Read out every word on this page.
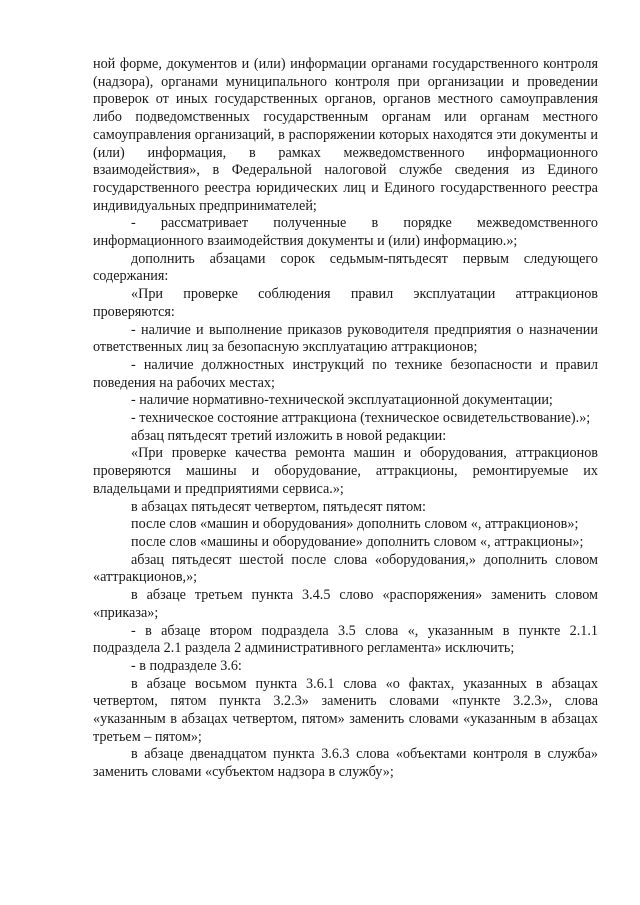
ной форме, документов и (или) информации органами государственного контроля (надзора), органами муниципального контроля при организации и проведении проверок от иных государственных органов, органов местного самоуправления либо подведомственных государственным органам или органам местного самоуправления организаций, в распоряжении которых находятся эти документы и (или) информация, в рамках межведомственного информационного взаимодействия», в Федеральной налоговой службе сведения из Единого государственного реестра юридических лиц и Единого государственного реестра индивидуальных предпринимателей;

- рассматривает полученные в порядке межведомственного информационного взаимодействия документы и (или) информацию.»;

дополнить абзацами сорок седьмым-пятьдесят первым следующего содержания:

«При проверке соблюдения правил эксплуатации аттракционов проверяются:

- наличие и выполнение приказов руководителя предприятия о назначении ответственных лиц за безопасную эксплуатацию аттракционов;

- наличие должностных инструкций по технике безопасности и правил поведения на рабочих местах;

- наличие нормативно-технической эксплуатационной документации;

- техническое состояние аттракциона (техническое освидетельствование).»;

абзац пятьдесят третий изложить в новой редакции:

«При проверке качества ремонта машин и оборудования, аттракционов проверяются машины и оборудование, аттракционы, ремонтируемые их владельцами и предприятиями сервиса.»;

в абзацах пятьдесят четвертом, пятьдесят пятом:

после слов «машин и оборудования» дополнить словом «, аттракционов»;

после слов «машины и оборудование» дополнить словом «, аттракционы»;

абзац пятьдесят шестой после слова «оборудования,» дополнить словом «аттракционов,»;

в абзаце третьем пункта 3.4.5 слово «распоряжения» заменить словом «приказа»;

- в абзаце втором подраздела 3.5 слова «, указанным в пункте 2.1.1 подраздела 2.1 раздела 2 административного регламента» исключить;

- в подразделе 3.6:

в абзаце восьмом пункта 3.6.1 слова «о фактах, указанных в абзацах четвертом, пятом пункта 3.2.3» заменить словами «пункте 3.2.3», слова «указанным в абзацах четвертом, пятом» заменить словами «указанным в абзацах третьем – пятом»;

в абзаце двенадцатом пункта 3.6.3 слова «объектами контроля в служба» заменить словами «субъектом надзора в службу»;
